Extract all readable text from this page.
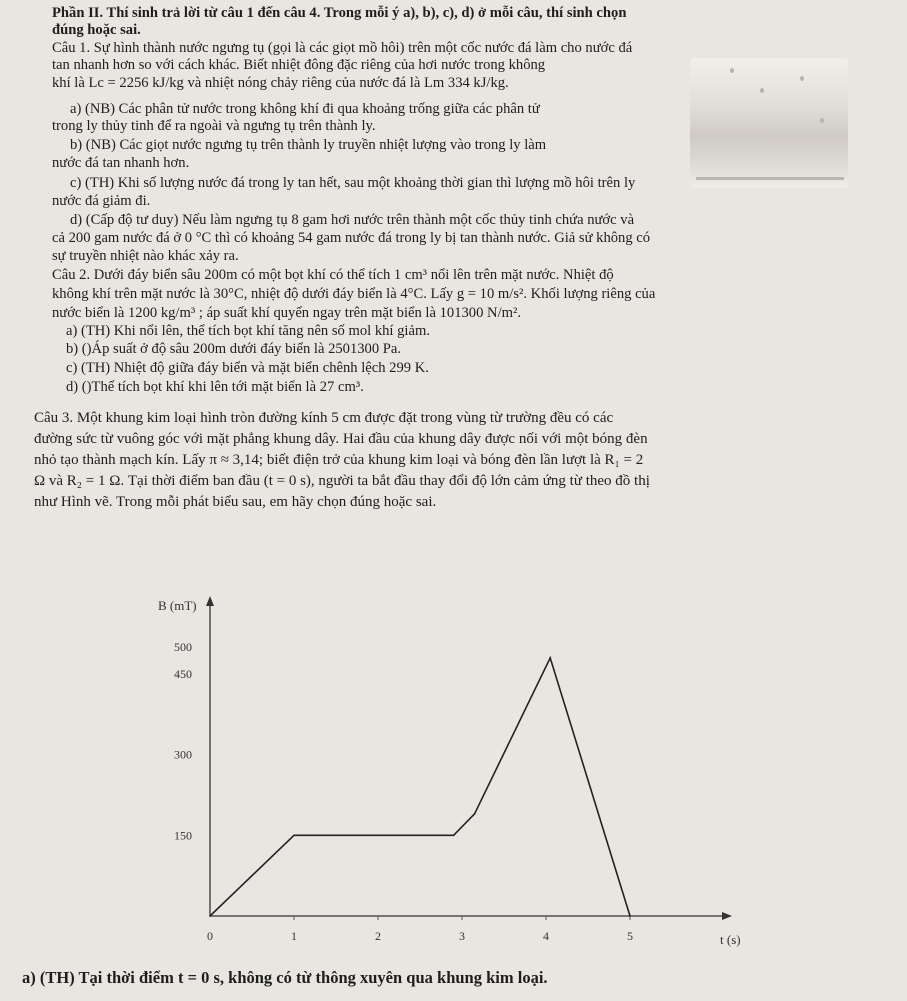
Phần II. Thí sinh trả lời từ câu 1 đến câu 4. Trong mỗi ý a), b), c), d) ở mỗi câu, thí sinh chọn
đúng hoặc sai.
Câu 1. Sự hình thành nước ngưng tụ (gọi là các giọt mồ hôi) trên một cốc nước đá làm cho nước đá
tan nhanh hơn so với cách khác. Biết nhiệt đông đặc riêng của hơi nước trong không
khí là Lc = 2256 kJ/kg và nhiệt nóng chảy riêng của nước đá là Lm 334 kJ/kg.
a) (NB) Các phân tử nước trong không khí đi qua khoảng trống giữa các phân tử
trong ly thủy tinh để ra ngoài và ngưng tụ trên thành ly.
b) (NB) Các giọt nước ngưng tụ trên thành ly truyền nhiệt lượng vào trong ly làm
nước đá tan nhanh hơn.
c) (TH) Khi số lượng nước đá trong ly tan hết, sau một khoảng thời gian thì lượng mồ hôi trên ly
nước đá giảm đi.
d) (Cấp độ tư duy) Nếu làm ngưng tụ 8 gam hơi nước trên thành một cốc thủy tinh chứa nước và
cả 200 gam nước đá ở 0 °C thì có khoảng 54 gam nước đá trong ly bị tan thành nước. Giả sử không có
sự truyền nhiệt nào khác xảy ra.
Câu 2. Dưới đáy biển sâu 200m có một bọt khí có thể tích 1 cm³ nổi lên trên mặt nước. Nhiệt độ
không khí trên mặt nước là 30°C, nhiệt độ dưới đáy biển là 4°C. Lấy g = 10 m/s². Khối lượng riêng của
nước biển là 1200 kg/m³ ; áp suất khí quyển ngay trên mặt biển là 101300 N/m².
a) (TH) Khi nổi lên, thể tích bọt khí tăng nên số mol khí giảm.
b) ()Áp suất ở độ sâu 200m dưới đáy biển là 2501300 Pa.
c) (TH) Nhiệt độ giữa đáy biển và mặt biển chênh lệch 299 K.
d) ()Thể tích bọt khí khi lên tới mặt biển là 27 cm³.
Câu 3. Một khung kim loại hình tròn đường kính 5 cm được đặt trong vùng từ trường đều có các
đường sức từ vuông góc với mặt phẳng khung dây. Hai đầu của khung dây được nối với một bóng đèn
nhỏ tạo thành mạch kín. Lấy π ≈ 3,14; biết điện trở của khung kim loại và bóng đèn lần lượt là R₁ = 2
Ω và R₂ = 1 Ω. Tại thời điểm ban đầu (t = 0 s), người ta bắt đầu thay đổi độ lớn cảm ứng từ theo đồ thị
như Hình vẽ. Trong mỗi phát biểu sau, em hãy chọn đúng hoặc sai.
B (mT)
t (s)
0	1	2	3	4	5
150
300
450
500
a) (TH) Tại thời điểm t = 0 s, không có từ thông xuyên qua khung kim loại.
